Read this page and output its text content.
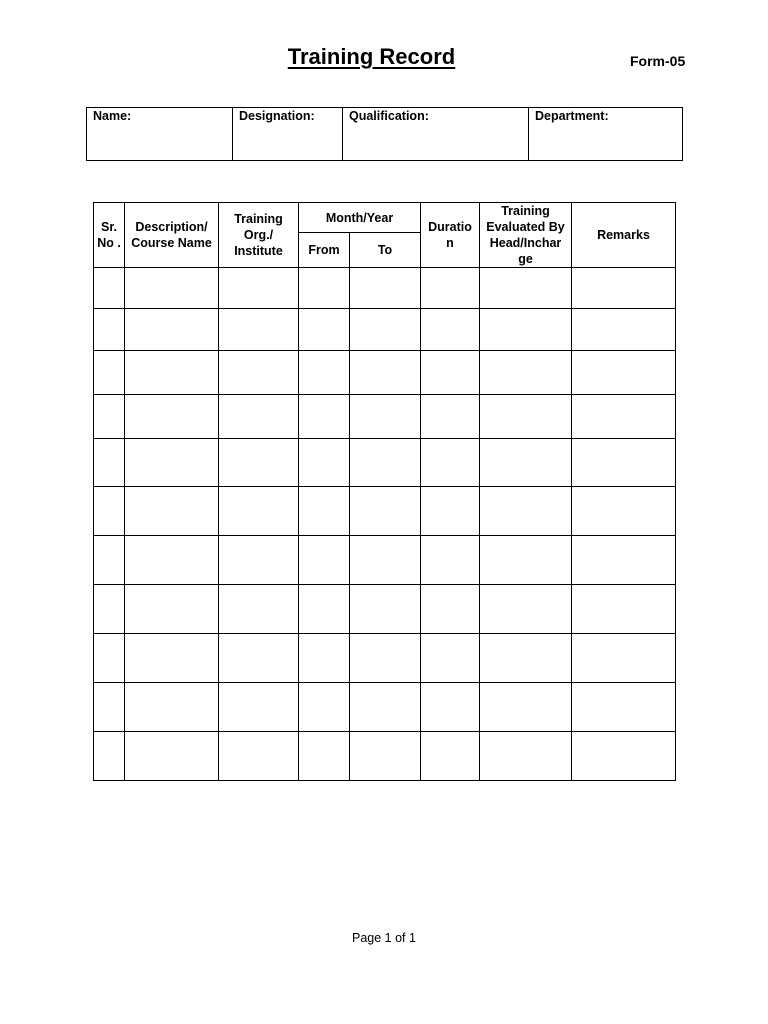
Training Record	Form-05
Name:	Designation:	Qualification:	Department:
Sr. No .	Description/ Course Name	Training Org./ Institute	Month/Year		Duratio n	Training Evaluated By Head/Inchar ge	Remarks
			From	To			

Page 1 of 1
